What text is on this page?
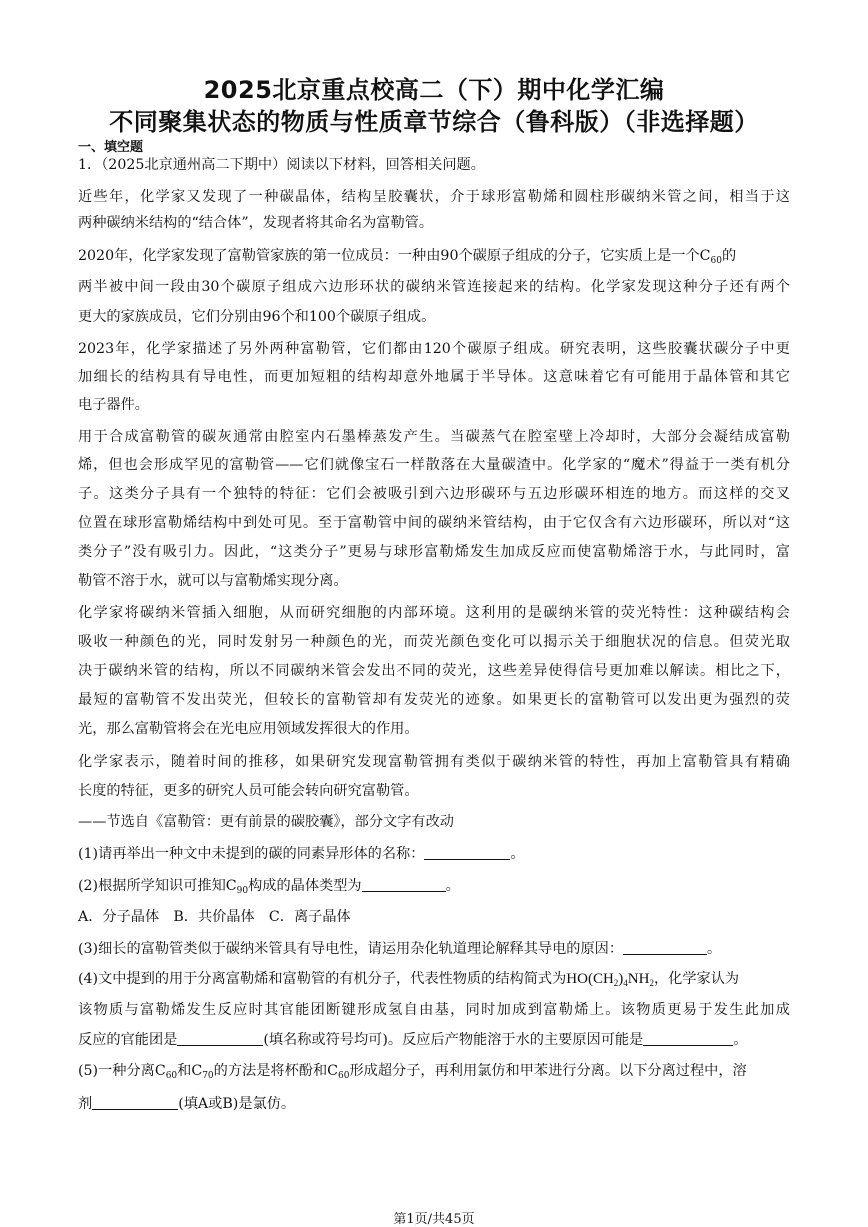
2025北京重点校高二（下）期中化学汇编
不同聚集状态的物质与性质章节综合（鲁科版）（非选择题）
一、填空题
1．（2025北京通州高二下期中）阅读以下材料，回答相关问题。
近些年，化学家又发现了一种碳晶体，结构呈胶囊状，介于球形富勒烯和圆柱形碳纳米管之间，相当于这
两种碳纳米结构的“结合体”，发现者将其命名为富勒管。
2020年，化学家发现了富勒管家族的第一位成员：一种由90个碳原子组成的分子，它实质上是一个$C_{60}$的
两半被中间一段由30个碳原子组成六边形环状的碳纳米管连接起来的结构。化学家发现这种分子还有两个
更大的家族成员，它们分别由96个和100个碳原子组成。
2023年，化学家描述了另外两种富勒管，它们都由120个碳原子组成。研究表明，这些胶囊状碳分子中更
加细长的结构具有导电性，而更加短粗的结构却意外地属于半导体。这意味着它有可能用于晶体管和其它
电子器件。
用于合成富勒管的碳灰通常由腔室内石墨棒蒸发产生。当碳蒸气在腔室壁上冷却时，大部分会凝结成富勒
烯，但也会形成罕见的富勒管——它们就像宝石一样散落在大量碳渣中。化学家的“魔术”得益于一类有机分
子。这类分子具有一个独特的特征：它们会被吸引到六边形碳环与五边形碳环相连的地方。而这样的交叉
位置在球形富勒烯结构中到处可见。至于富勒管中间的碳纳米管结构，由于它仅含有六边形碳环，所以对“这
类分子”没有吸引力。因此，“这类分子”更易与球形富勒烯发生加成反应而使富勒烯溶于水，与此同时，富
勒管不溶于水，就可以与富勒烯实现分离。
化学家将碳纳米管插入细胞，从而研究细胞的内部环境。这利用的是碳纳米管的荧光特性：这种碳结构会
吸收一种颜色的光，同时发射另一种颜色的光，而荧光颜色变化可以揭示关于细胞状况的信息。但荧光取
决于碳纳米管的结构，所以不同碳纳米管会发出不同的荧光，这些差异使得信号更加难以解读。相比之下，
最短的富勒管不发出荧光，但较长的富勒管却有发荧光的迹象。如果更长的富勒管可以发出更为强烈的荧
光，那么富勒管将会在光电应用领域发挥很大的作用。
化学家表示，随着时间的推移，如果研究发现富勒管拥有类似于碳纳米管的特性，再加上富勒管具有精确
长度的特征，更多的研究人员可能会转向研究富勒管。
——节选自《富勒管：更有前景的碳胶囊》，部分文字有改动
(1)请再举出一种文中未提到的碳的同素异形体的名称：	。
(2)根据所学知识可推知$C_{90}$构成的晶体类型为	。
A．分子晶体　B．共价晶体　C．离子晶体
(3)细长的富勒管类似于碳纳米管具有导电性，请运用杂化轨道理论解释其导电的原因：	。
(4)文中提到的用于分离富勒烯和富勒管的有机分子，代表性物质的结构简式为$HO(CH_2)_4NH_2$，化学家认为
该物质与富勒烯发生反应时其官能团断键形成氢自由基，同时加成到富勒烯上。该物质更易于发生此加成
反应的官能团是	(填名称或符号均可)。反应后产物能溶于水的主要原因可能是	。
(5)一种分离$C_{60}$和$C_{70}$的方法是将杯酚和$C_{60}$形成超分子，再利用氯仿和甲苯进行分离。以下分离过程中，溶
剂	(填A或B)是氯仿。
第1页/共45页
